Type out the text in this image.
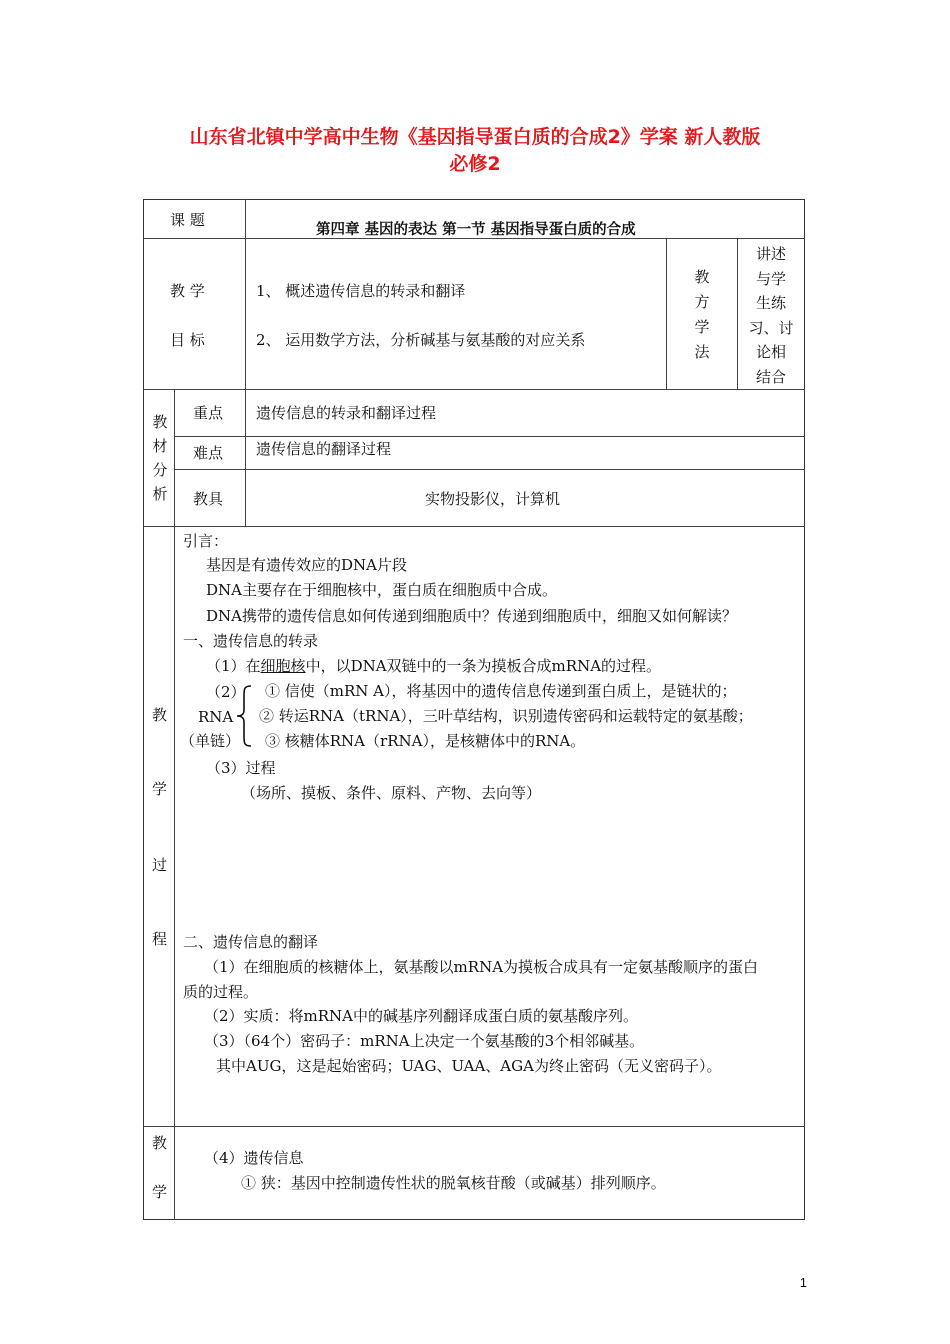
山东省北镇中学高中生物《基因指导蛋白质的合成2》学案 新人教版
必修2
课 题
第四章 基因的表达 第一节 基因指导蛋白质的合成
教 学
目 标
1、 概述遗传信息的转录和翻译
2、 运用数学方法，分析碱基与氨基酸的对应关系
教
方
学
法
讲述
与学
生练
习、讨
论相
结合
教
材
分
析
重点 遗传信息的转录和翻译过程
难点 遗传信息的翻译过程
教具	实物投影仪，计算机
教
学
过
程
引言：
基因是有遗传效应的DNA片段
DNA主要存在于细胞核中，蛋白质在细胞质中合成。
DNA携带的遗传信息如何传递到细胞质中？传递到细胞质中，细胞又如何解读？
一、遗传信息的转录
（1）在细胞核中，以DNA双链中的一条为摸板合成mRNA的过程。
（2）
RNA
（单链）
① 信使（mRN A），将基因中的遗传信息传递到蛋白质上，是链状的；
② 转运RNA（tRNA），三叶草结构，识别遗传密码和运载特定的氨基酸；
③ 核糖体RNA（rRNA），是核糖体中的RNA。
（3）过程
（场所、摸板、条件、原料、产物、去向等）
二、遗传信息的翻译
（1）在细胞质的核糖体上，氨基酸以mRNA为摸板合成具有一定氨基酸顺序的蛋白
质的过程。
（2）实质：将mRNA中的碱基序列翻译成蛋白质的氨基酸序列。
（3）（64个）密码子：mRNA上决定一个氨基酸的3个相邻碱基。
其中AUG，这是起始密码；UAG、UAA、AGA为终止密码（无义密码子）。
教
学
（4）遗传信息
① 狭：基因中控制遗传性状的脱氧核苷酸（或碱基）排列顺序。
1
